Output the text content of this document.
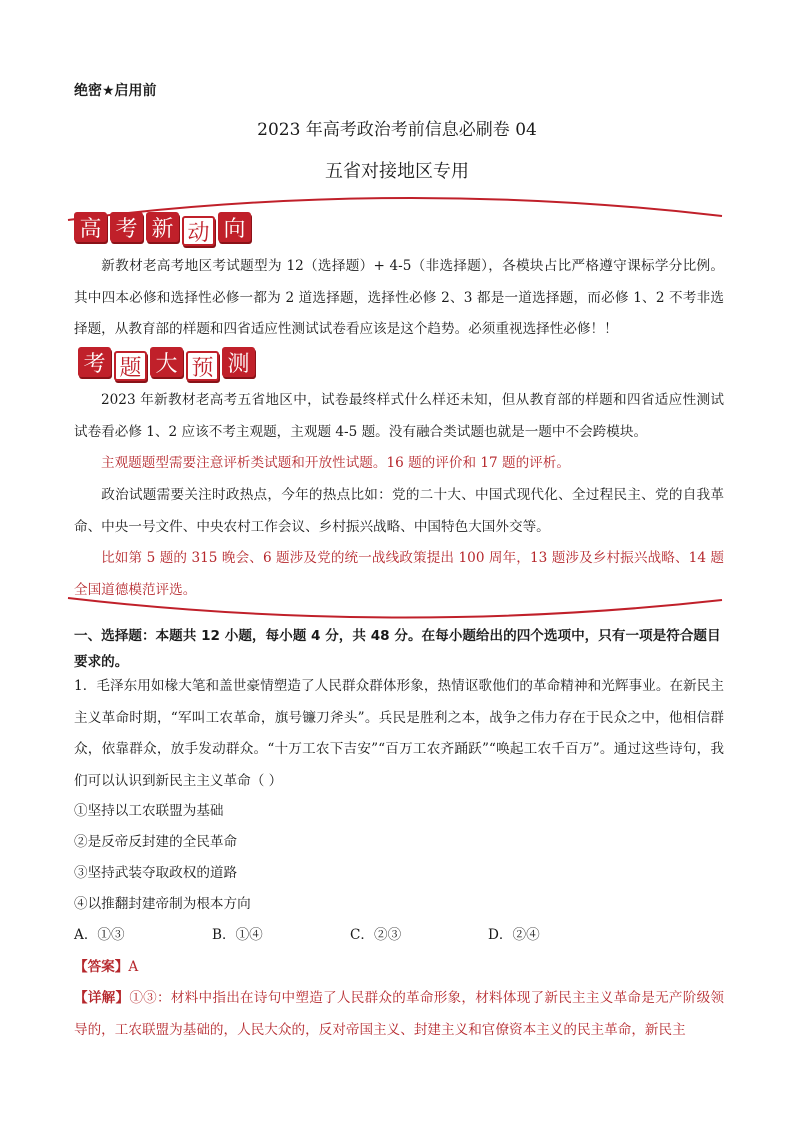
绝密★启用前
2023 年高考政治考前信息必刷卷 04
五省对接地区专用
高 考 新 动 向
新教材老高考地区考试题型为 12（选择题）+ 4-5（非选择题），各模块占比严格遵守课标学分比例。其中四本必修和选择性必修一都为 2 道选择题，选择性必修 2、3 都是一道选择题，而必修 1、2 不考非选择题，从教育部的样题和四省适应性测试试卷看应该是这个趋势。必须重视选择性必修！！
考 题 大 预 测
2023 年新教材老高考五省地区中，试卷最终样式什么样还未知，但从教育部的样题和四省适应性测试试卷看必修 1、2 应该不考主观题，主观题 4-5 题。没有融合类试题也就是一题中不会跨模块。
主观题题型需要注意评析类试题和开放性试题。16 题的评价和 17 题的评析。
政治试题需要关注时政热点，今年的热点比如：党的二十大、中国式现代化、全过程民主、党的自我革命、中央一号文件、中央农村工作会议、乡村振兴战略、中国特色大国外交等。
比如第 5 题的 315 晚会、6 题涉及党的统一战线政策提出 100 周年，13 题涉及乡村振兴战略、14 题全国道德模范评选。
一、选择题：本题共 12 小题，每小题 4 分，共 48 分。在每小题给出的四个选项中，只有一项是符合题目要求的。
1．毛泽东用如椽大笔和盖世豪情塑造了人民群众群体形象，热情讴歌他们的革命精神和光辉事业。在新民主主义革命时期，“军叫工农革命，旗号镰刀斧头”。兵民是胜利之本，战争之伟力存在于民众之中，他相信群众，依靠群众，放手发动群众。“十万工农下吉安”“百万工农齐踊跃”“唤起工农千百万”。通过这些诗句，我们可以认识到新民主主义革命（ ）
①坚持以工农联盟为基础
②是反帝反封建的全民革命
③坚持武装夺取政权的道路
④以推翻封建帝制为根本方向
A．①③	B．①④	C．②③	D．②④
【答案】A
【详解】①③：材料中指出在诗句中塑造了人民群众的革命形象，材料体现了新民主主义革命是无产阶级领导的，工农联盟为基础的，人民大众的，反对帝国主义、封建主义和官僚资本主义的民主革命，新民主
